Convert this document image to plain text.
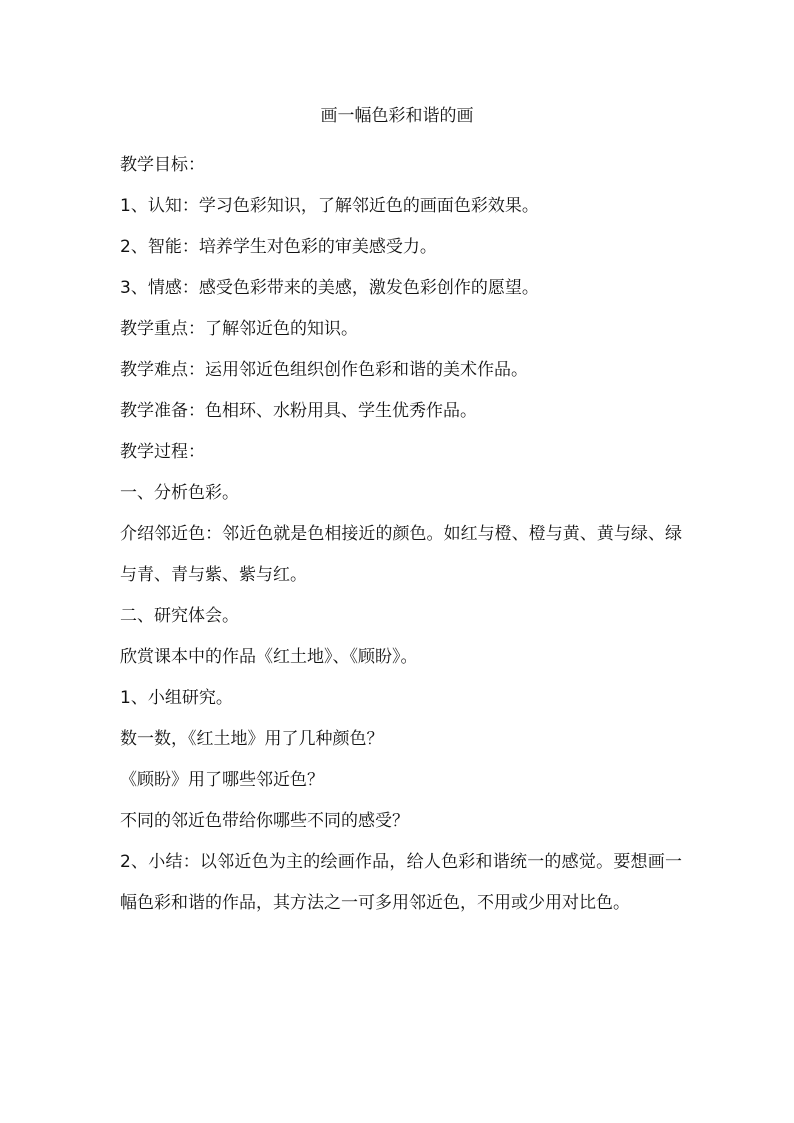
画一幅色彩和谐的画

教学目标：

1、认知：学习色彩知识，了解邻近色的画面色彩效果。

2、智能：培养学生对色彩的审美感受力。

3、情感：感受色彩带来的美感，激发色彩创作的愿望。

教学重点：了解邻近色的知识。

教学难点：运用邻近色组织创作色彩和谐的美术作品。

教学准备：色相环、水粉用具、学生优秀作品。

教学过程：

一、分析色彩。

介绍邻近色：邻近色就是色相接近的颜色。如红与橙、橙与黄、黄与绿、绿与青、青与紫、紫与红。

二、研究体会。

欣赏课本中的作品《红土地》、《顾盼》。

1、小组研究。

数一数，《红土地》用了几种颜色？

《顾盼》用了哪些邻近色？

不同的邻近色带给你哪些不同的感受？

2、小结：以邻近色为主的绘画作品，给人色彩和谐统一的感觉。要想画一幅色彩和谐的作品，其方法之一可多用邻近色，不用或少用对比色。
